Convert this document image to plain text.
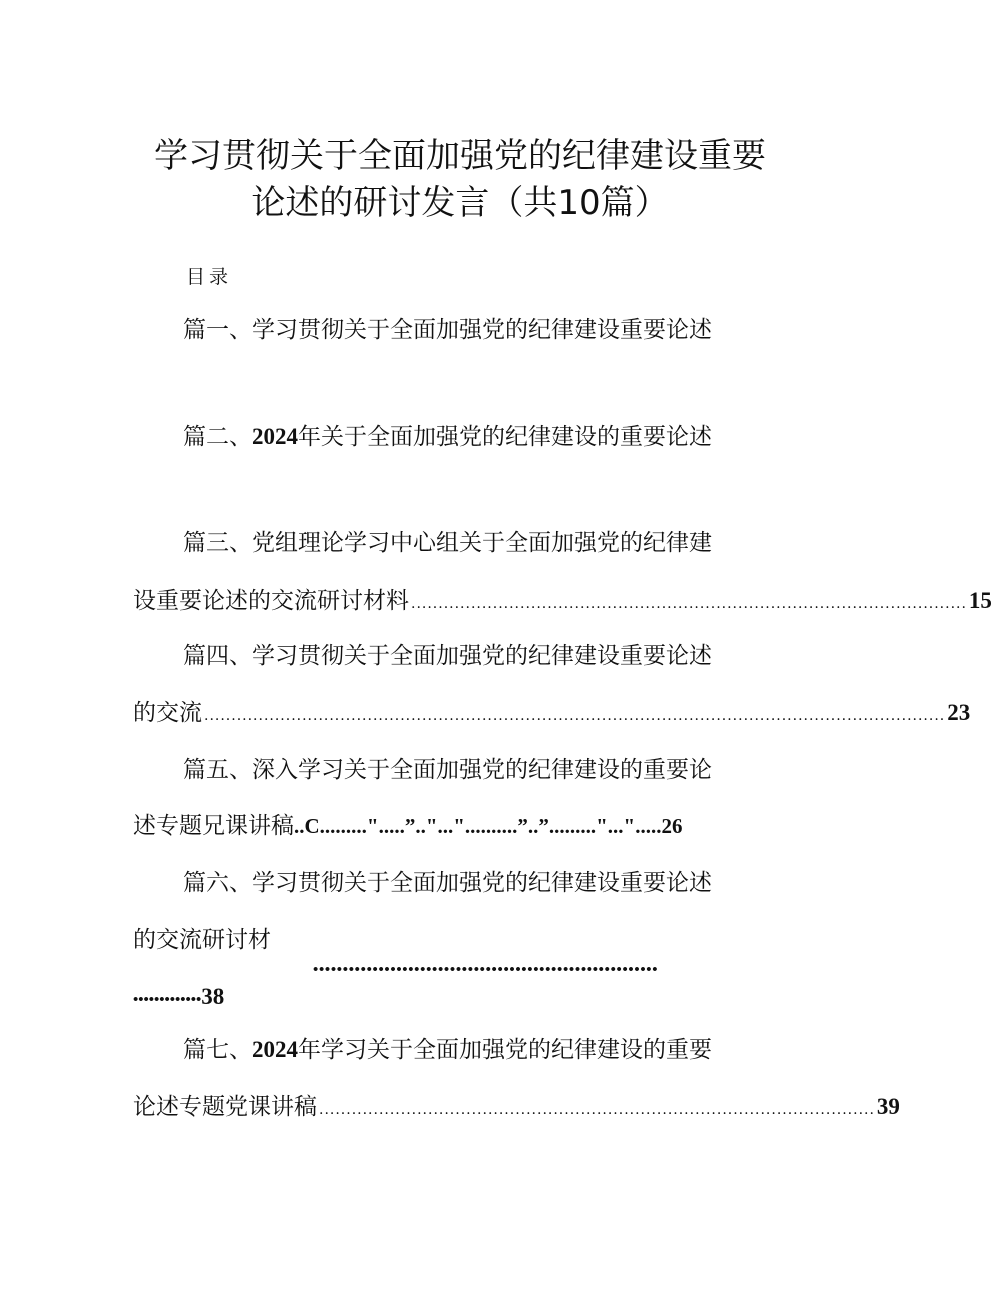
学习贯彻关于全面加强党的纪律建设重要
论述的研讨发言（共10篇）
目录
篇一、学习贯彻关于全面加强党的纪律建设重要论述
篇二、2024年关于全面加强党的纪律建设的重要论述
篇三、党组理论学习中心组关于全面加强党的纪律建
设重要论述的交流研讨材料 ...................................................................................................... 15
篇四、学习贯彻关于全面加强党的纪律建设重要论述
的交流 ........................................................................................................................................ 23
篇五、深入学习关于全面加强党的纪律建设的重要论
述专题兄课讲稿..C.........".....”.."..."..........”..”........."...".....26
篇六、学习贯彻关于全面加强党的纪律建设重要论述
的交流研讨材
••••••••••••••••••••••••••••••••••••••••••••••••••••••••••
•••••••••••••38
篇七、2024年学习关于全面加强党的纪律建设的重要
论述专题党课讲稿 ...................................................................................................... 39
